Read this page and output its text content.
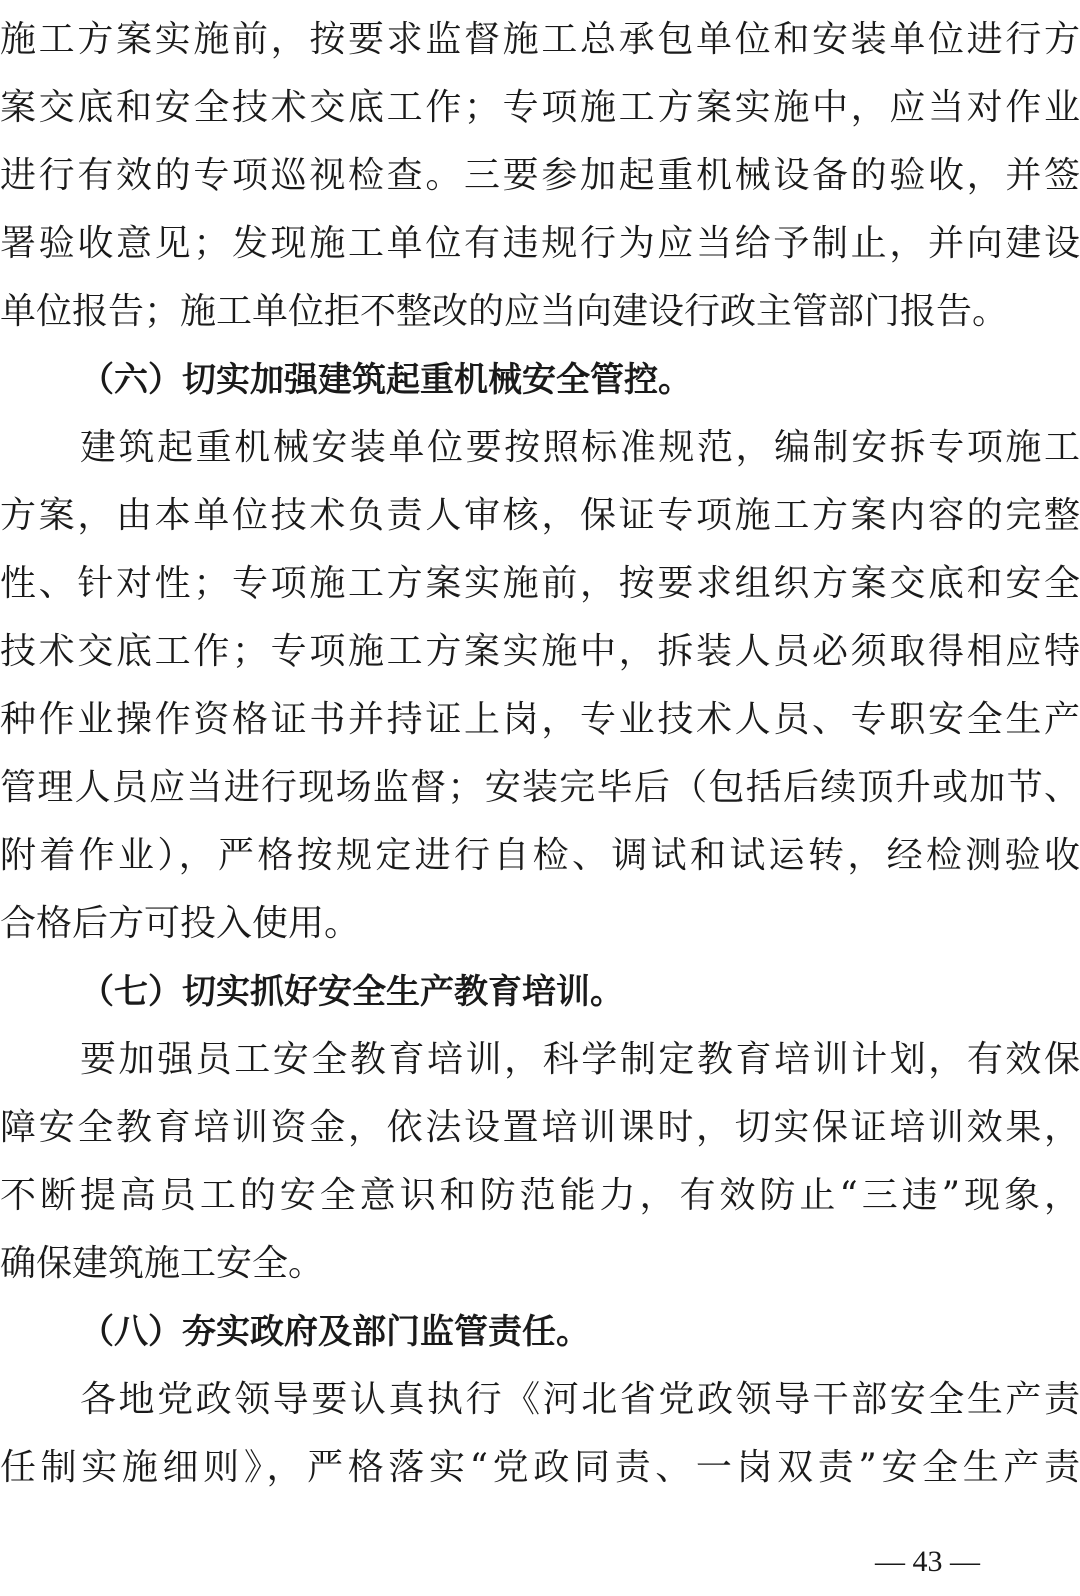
施工方案实施前，按要求监督施工总承包单位和安装单位进行方
案交底和安全技术交底工作；专项施工方案实施中，应当对作业
进行有效的专项巡视检查。三要参加起重机械设备的验收，并签
署验收意见；发现施工单位有违规行为应当给予制止，并向建设
单位报告；施工单位拒不整改的应当向建设行政主管部门报告。
（六）切实加强建筑起重机械安全管控。
建筑起重机械安装单位要按照标准规范，编制安拆专项施工
方案，由本单位技术负责人审核，保证专项施工方案内容的完整
性、针对性；专项施工方案实施前，按要求组织方案交底和安全
技术交底工作；专项施工方案实施中，拆装人员必须取得相应特
种作业操作资格证书并持证上岗，专业技术人员、专职安全生产
管理人员应当进行现场监督；安装完毕后（包括后续顶升或加节、
附着作业），严格按规定进行自检、调试和试运转，经检测验收
合格后方可投入使用。
（七）切实抓好安全生产教育培训。
要加强员工安全教育培训，科学制定教育培训计划，有效保
障安全教育培训资金，依法设置培训课时，切实保证培训效果，
不断提高员工的安全意识和防范能力，有效防止“三违”现象，
确保建筑施工安全。
（八）夯实政府及部门监管责任。
各地党政领导要认真执行《河北省党政领导干部安全生产责
任制实施细则》，严格落实“党政同责、一岗双责”安全生产责
— 43 —
